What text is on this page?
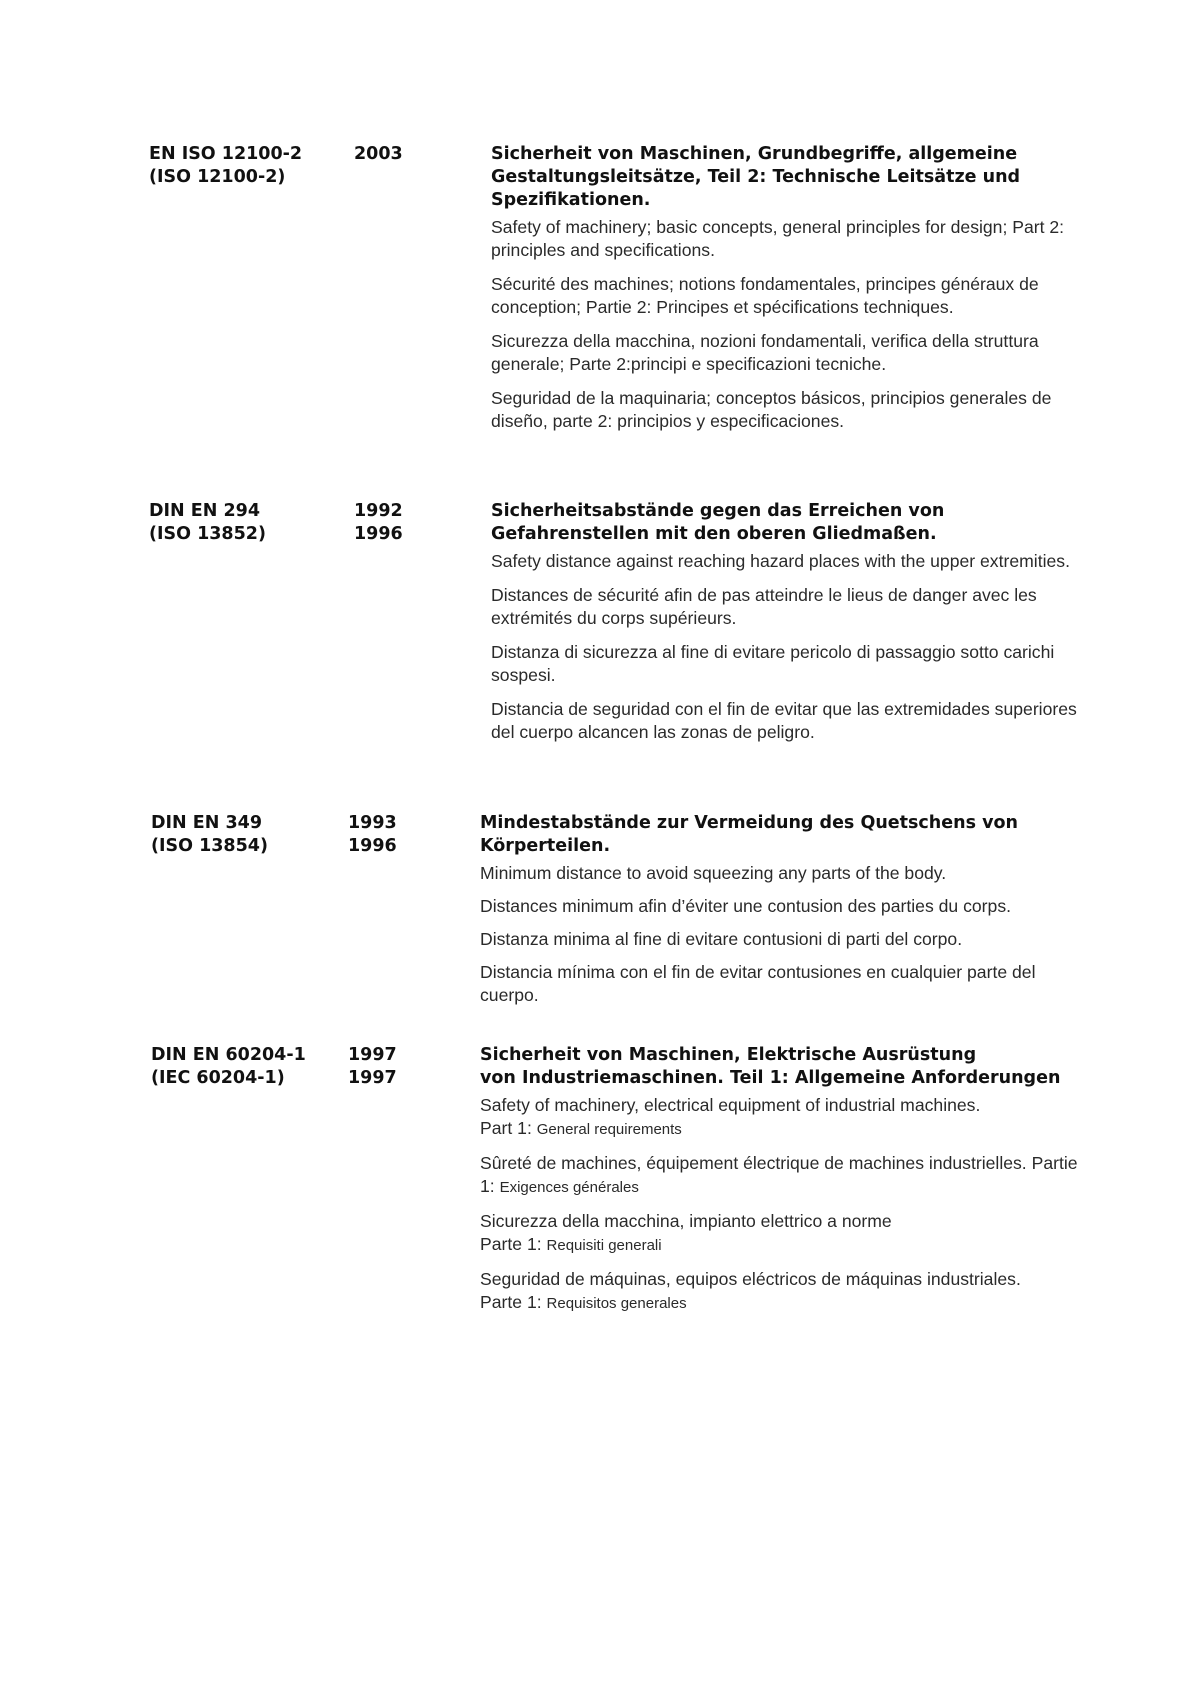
EN ISO 12100-2
(ISO 12100-2)
2003	Sicherheit von Maschinen, Grundbegriffe, allgemeine Gestaltungsleitsätze, Teil 2: Technische Leitsätze und Spezifikationen.
Safety of machinery; basic concepts, general principles for design; Part 2: principles and specifications.
Sécurité des machines; notions fondamentales, principes généraux de conception; Partie 2: Principes et spécifications techniques.
Sicurezza della macchina, nozioni fondamentali, verifica della struttura generale; Parte 2:principi e specificazioni tecniche.
Seguridad de la maquinaria; conceptos básicos, principios generales de diseño, parte 2: principios y especificaciones.
DIN EN 294
(ISO 13852)
1992
1996
Sicherheitsabstände gegen das Erreichen von Gefahrenstellen mit den oberen Gliedmaßen.
Safety distance against reaching hazard places with the upper extremities.
Distances de sécurité afin de pas atteindre le lieus de danger avec les extrémités du corps supérieurs.
Distanza di sicurezza al fine di evitare pericolo di passaggio sotto carichi sospesi.
Distancia de seguridad con el fin de evitar que las extremidades superiores del cuerpo alcancen las zonas de peligro.
DIN EN 349
(ISO 13854)
1993
1996
Mindestabstände zur Vermeidung des Quetschens von Körperteilen.
Minimum distance to avoid squeezing any parts of the body.
Distances minimum afin d’éviter une contusion des parties du corps.
Distanza minima al fine di evitare contusioni di parti del corpo.
Distancia mínima con el fin de evitar contusiones en cualquier parte del cuerpo.
DIN EN 60204-1
(IEC 60204-1)
1997
1997
Sicherheit von Maschinen, Elektrische Ausrüstung
von Industriemaschinen. Teil 1: Allgemeine Anforderungen
Safety of machinery, electrical equipment of industrial machines.
Part 1: General requirements
Sûreté de machines, équipement électrique de machines industrielles. Partie 1: Exigences générales
Sicurezza della macchina, impianto elettrico a norme
Parte 1: Requisiti generali
Seguridad de máquinas, equipos eléctricos de máquinas industriales.
Parte 1: Requisitos generales
